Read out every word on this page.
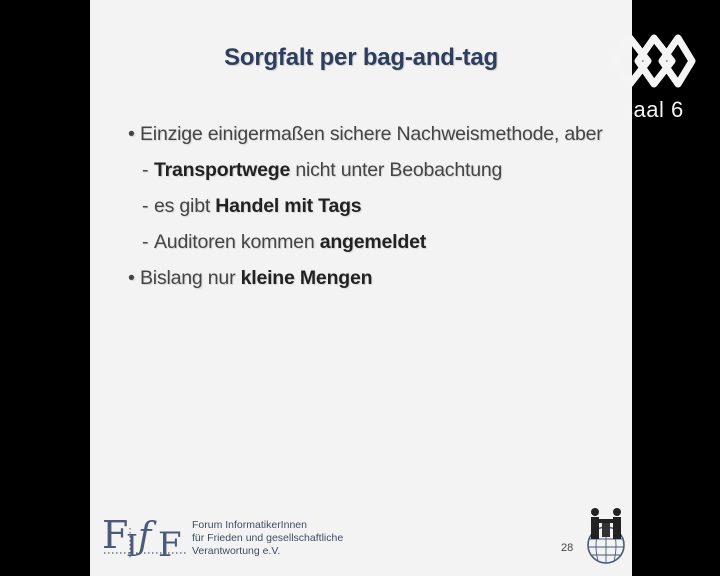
Sorgfalt per bag-and-tag
• Einzige einigermaßen sichere Nachweismethode, aber
- Transportwege nicht unter Beobachtung
- es gibt Handel mit Tags
- Auditoren kommen angemeldet
• Bislang nur kleine Mengen
F
I f F Forum InformatikerInnen
für Frieden und gesellschaftliche
Verantwortung e.V.	28
saal 6
